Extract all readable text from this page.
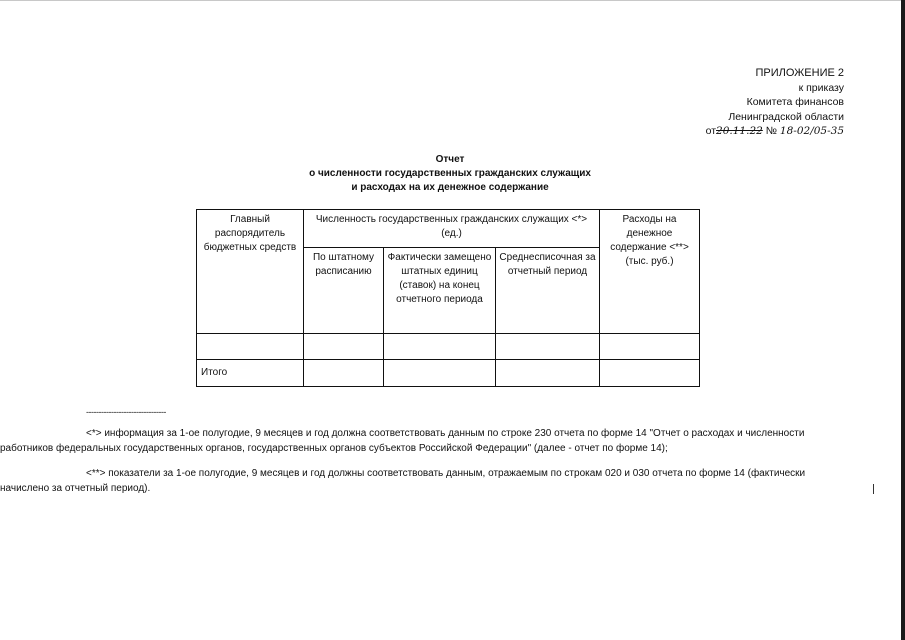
ПРИЛОЖЕНИЕ 2
к приказу
Комитета финансов
Ленинградской области
от20.11.22 № 18-02/05-35
Отчет
о численности государственных гражданских служащих
и расходах на их денежное содержание
Главный распорядитель бюджетных средств	Численность государственных гражданских служащих <*> (ед.)			Расходы на денежное содержание <**> (тыс. руб.)
	По штатному расписанию	Фактически замещено штатных единиц (ставок) на конец отчетного периода	Среднесписочная за отчетный период	

Итого				
--------------------------------
<*> информация за 1-ое полугодие, 9 месяцев и год должна соответствовать данным по строке 230 отчета по форме 14 "Отчет о расходах и численности
работников федеральных государственных органов, государственных органов субъектов Российской Федерации" (далее - отчет по форме 14);
<**> показатели за 1-ое полугодие, 9 месяцев и год должны соответствовать данным, отражаемым по строкам 020 и 030 отчета по форме 14 (фактически
начислено за отчетный период).
